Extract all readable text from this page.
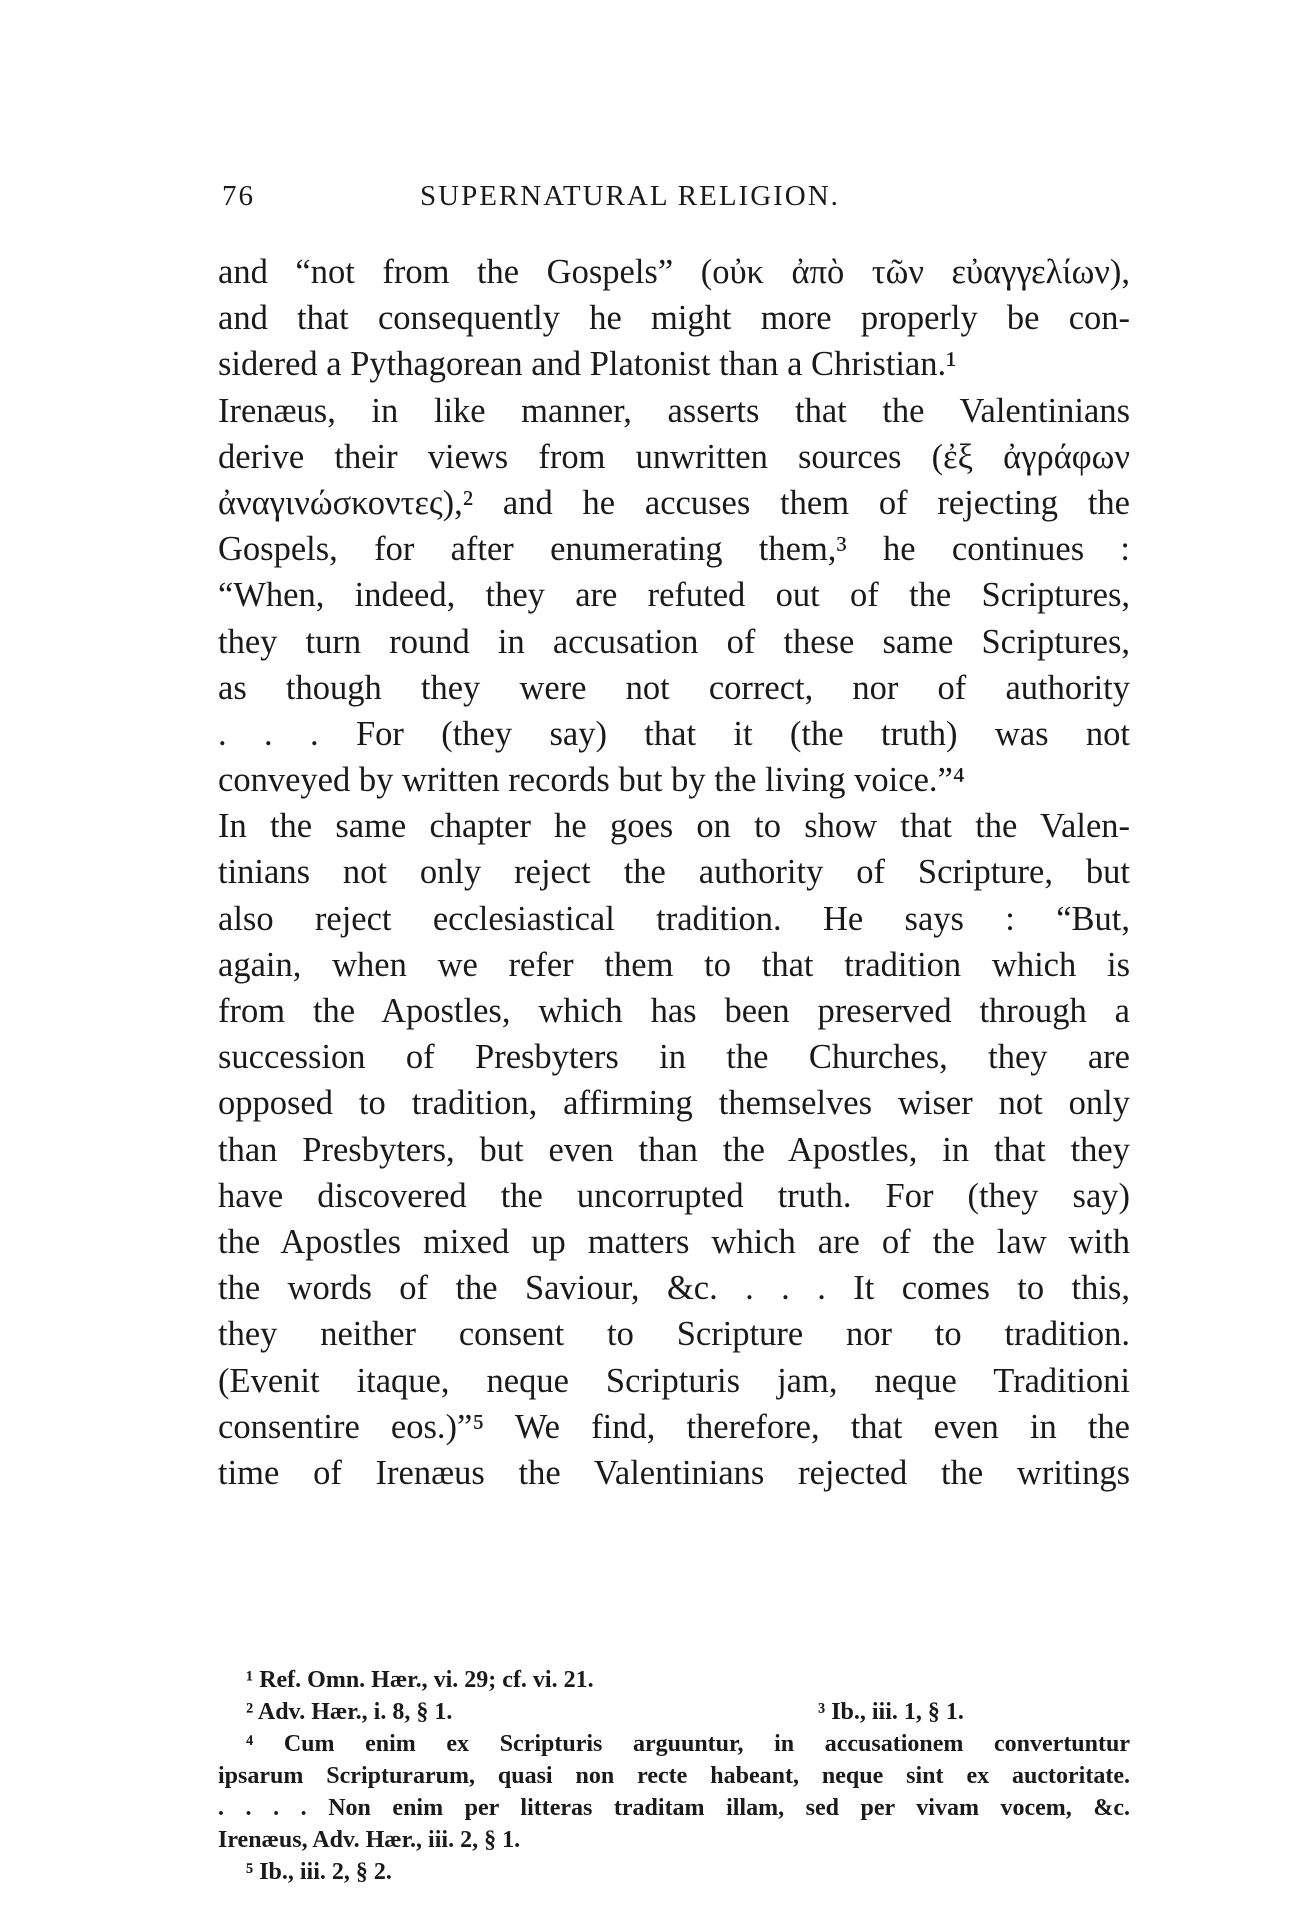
76	SUPERNATURAL RELIGION.
and “not from the Gospels” (οὐκ ἀπὸ τῶν εὐαγγελίων),
and that consequently he might more properly be con-
sidered a Pythagorean and Platonist than a Christian.¹
Irenæus, in like manner, asserts that the Valentinians
derive their views from unwritten sources (ἐξ ἀγράφων
ἀναγινώσκοντες),² and he accuses them of rejecting the
Gospels, for after enumerating them,³ he continues :
“When, indeed, they are refuted out of the Scriptures,
they turn round in accusation of these same Scriptures,
as though they were not correct, nor of authority
. . . For (they say) that it (the truth) was not
conveyed by written records but by the living voice.”⁴
In the same chapter he goes on to show that the Valen-
tinians not only reject the authority of Scripture, but
also reject ecclesiastical tradition. He says : “But,
again, when we refer them to that tradition which is
from the Apostles, which has been preserved through a
succession of Presbyters in the Churches, they are
opposed to tradition, affirming themselves wiser not only
than Presbyters, but even than the Apostles, in that they
have discovered the uncorrupted truth. For (they say)
the Apostles mixed up matters which are of the law with
the words of the Saviour, &c. . . . It comes to this,
they neither consent to Scripture nor to tradition.
(Evenit itaque, neque Scripturis jam, neque Traditioni
consentire eos.)”⁵ We find, therefore, that even in the
time of Irenæus the Valentinians rejected the writings
¹ Ref. Omn. Hær., vi. 29; cf. vi. 21.
² Adv. Hær., i. 8, § 1.	³ Ib., iii. 1, § 1.
⁴ Cum enim ex Scripturis arguuntur, in accusationem convertuntur
ipsarum Scripturarum, quasi non recte habeant, neque sint ex auctoritate.
. . . . Non enim per litteras traditam illam, sed per vivam vocem, &c.
Irenæus, Adv. Hær., iii. 2, § 1.
⁵ Ib., iii. 2, § 2.
